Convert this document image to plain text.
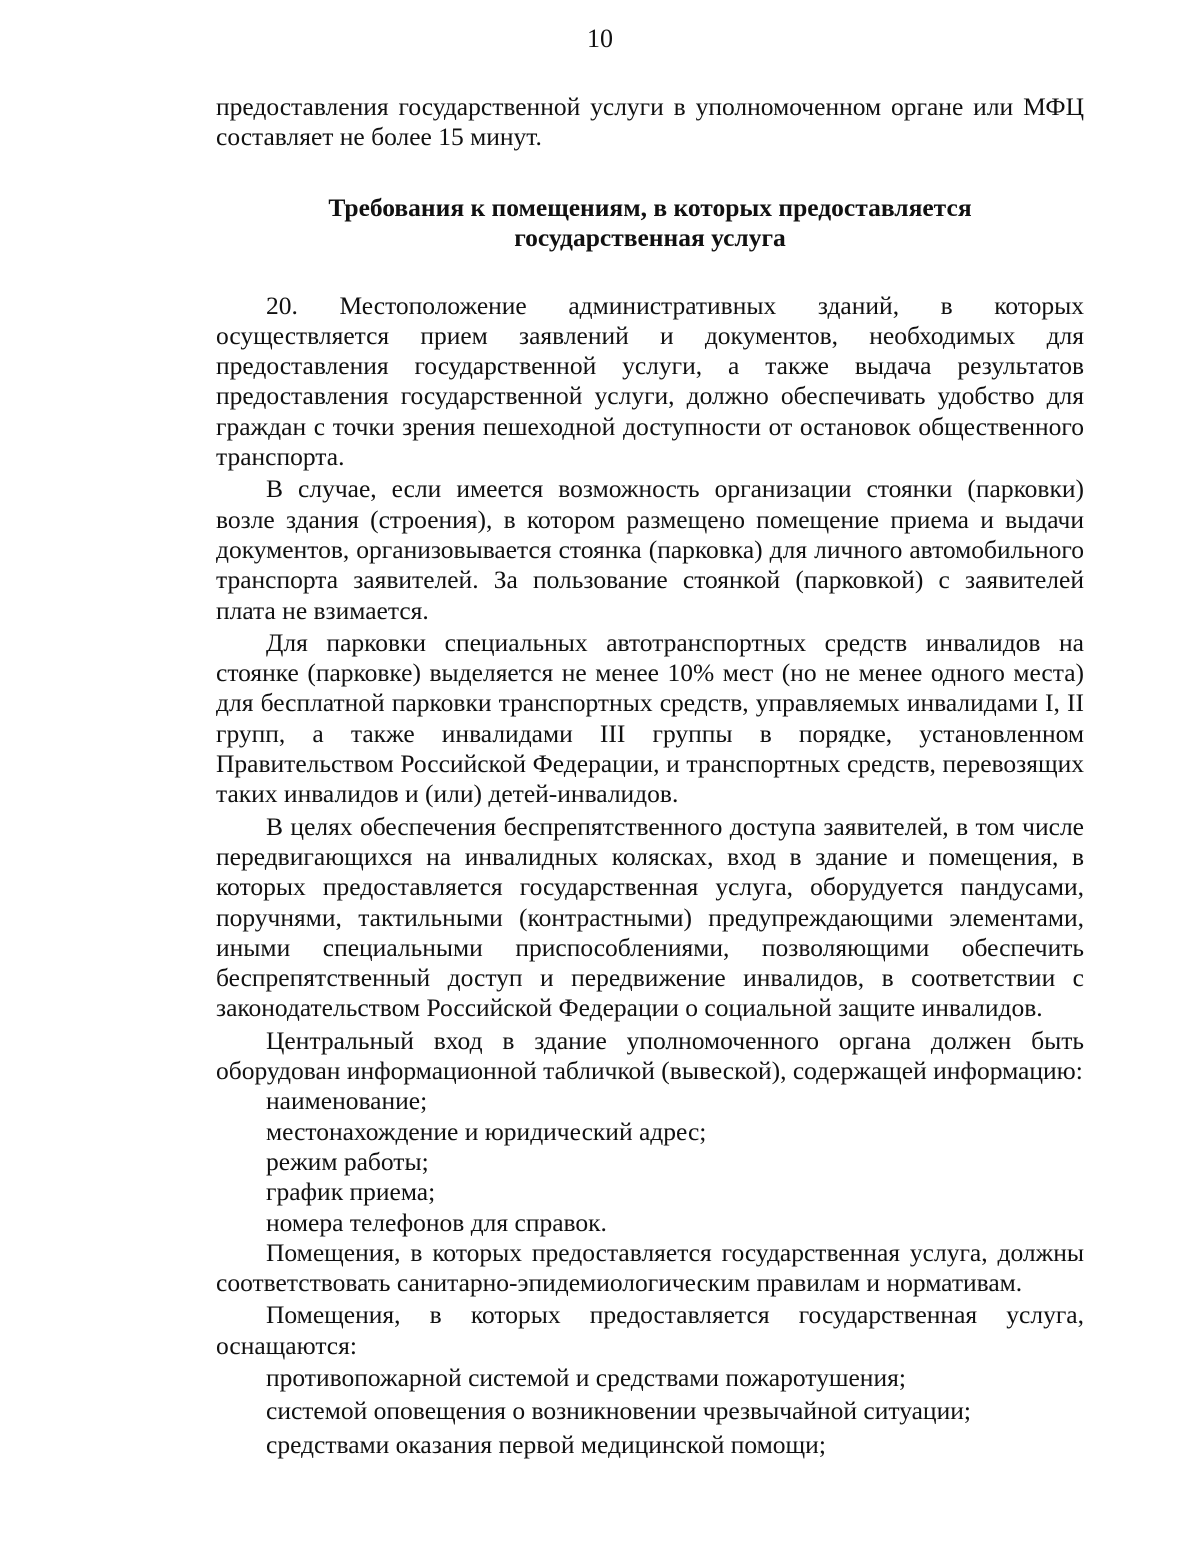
10

предоставления государственной услуги в уполномоченном органе или МФЦ составляет не более 15 минут.

Требования к помещениям, в которых предоставляется
государственная услуга

20. Местоположение административных зданий, в которых осуществляется прием заявлений и документов, необходимых для предоставления государственной услуги, а также выдача результатов предоставления государственной услуги, должно обеспечивать удобство для граждан с точки зрения пешеходной доступности от остановок общественного транспорта.

В случае, если имеется возможность организации стоянки (парковки) возле здания (строения), в котором размещено помещение приема и выдачи документов, организовывается стоянка (парковка) для личного автомобильного транспорта заявителей. За пользование стоянкой (парковкой) с заявителей плата не взимается.

Для парковки специальных автотранспортных средств инвалидов на стоянке (парковке) выделяется не менее 10% мест (но не менее одного места) для бесплатной парковки транспортных средств, управляемых инвалидами I, II групп, а также инвалидами III группы в порядке, установленном Правительством Российской Федерации, и транспортных средств, перевозящих таких инвалидов и (или) детей-инвалидов.

В целях обеспечения беспрепятственного доступа заявителей, в том числе передвигающихся на инвалидных колясках, вход в здание и помещения, в которых предоставляется государственная услуга, оборудуется пандусами, поручнями, тактильными (контрастными) предупреждающими элементами, иными специальными приспособлениями, позволяющими обеспечить беспрепятственный доступ и передвижение инвалидов, в соответствии с законодательством Российской Федерации о социальной защите инвалидов.

Центральный вход в здание уполномоченного органа должен быть оборудован информационной табличкой (вывеской), содержащей информацию:

наименование;

местонахождение и юридический адрес;

режим работы;

график приема;

номера телефонов для справок.

Помещения, в которых предоставляется государственная услуга, должны соответствовать санитарно-эпидемиологическим правилам и нормативам.

Помещения, в которых предоставляется государственная услуга, оснащаются:

противопожарной системой и средствами пожаротушения;

системой оповещения о возникновении чрезвычайной ситуации;

средствами оказания первой медицинской помощи;
